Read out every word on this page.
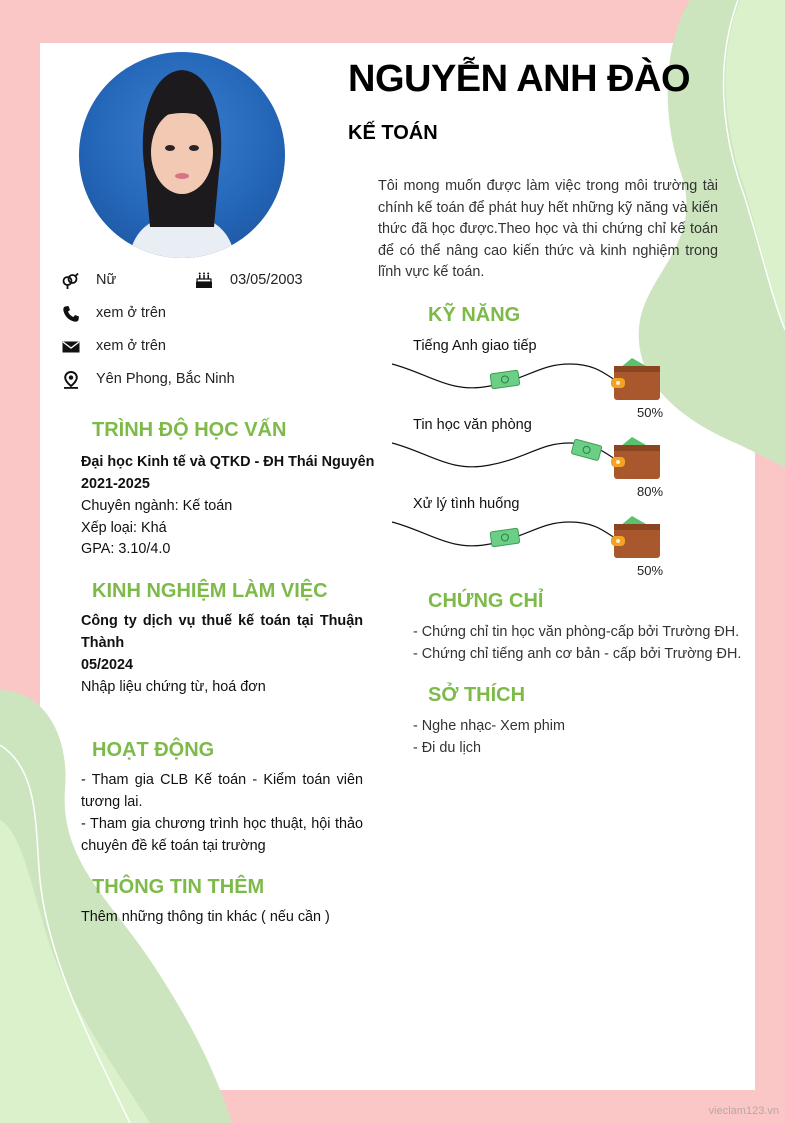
NGUYỄN ANH ĐÀO
KẾ TOÁN
Tôi mong muốn được làm việc trong môi trường tài chính kế toán để phát huy hết những kỹ năng và kiến thức đã học được.Theo học và thi chứng chỉ kế toán để có thể nâng cao kiến thức và kinh nghiệm trong lĩnh vực kế toán.
Nữ	03/05/2003
xem ở trên
xem ở trên
Yên Phong, Bắc Ninh
TRÌNH ĐỘ HỌC VẤN
Đại học Kinh tế và QTKD - ĐH Thái Nguyên
2021-2025
Chuyên ngành: Kế toán
Xếp loại: Khá
GPA: 3.10/4.0
KINH NGHIỆM LÀM VIỆC
Công ty dịch vụ thuế kế toán tại Thuận Thành
05/2024
Nhập liệu chứng từ, hoá đơn
HOẠT ĐỘNG
- Tham gia CLB Kế toán - Kiểm toán viên tương lai.
- Tham gia chương trình học thuật, hội thảo chuyên đề kế toán tại trường
THÔNG TIN THÊM
Thêm những thông tin khác ( nếu cần )
KỸ NĂNG
Tiếng Anh giao tiếp
50%
Tin học văn phòng
80%
Xử lý tình huống
50%
CHỨNG CHỈ
- Chứng chỉ tin học văn phòng-cấp bởi Trường ĐH.
- Chứng chỉ tiếng anh cơ bản - cấp bởi Trường ĐH.
SỞ THÍCH
- Nghe nhạc- Xem phim
- Đi du lịch
vieclam123.vn
